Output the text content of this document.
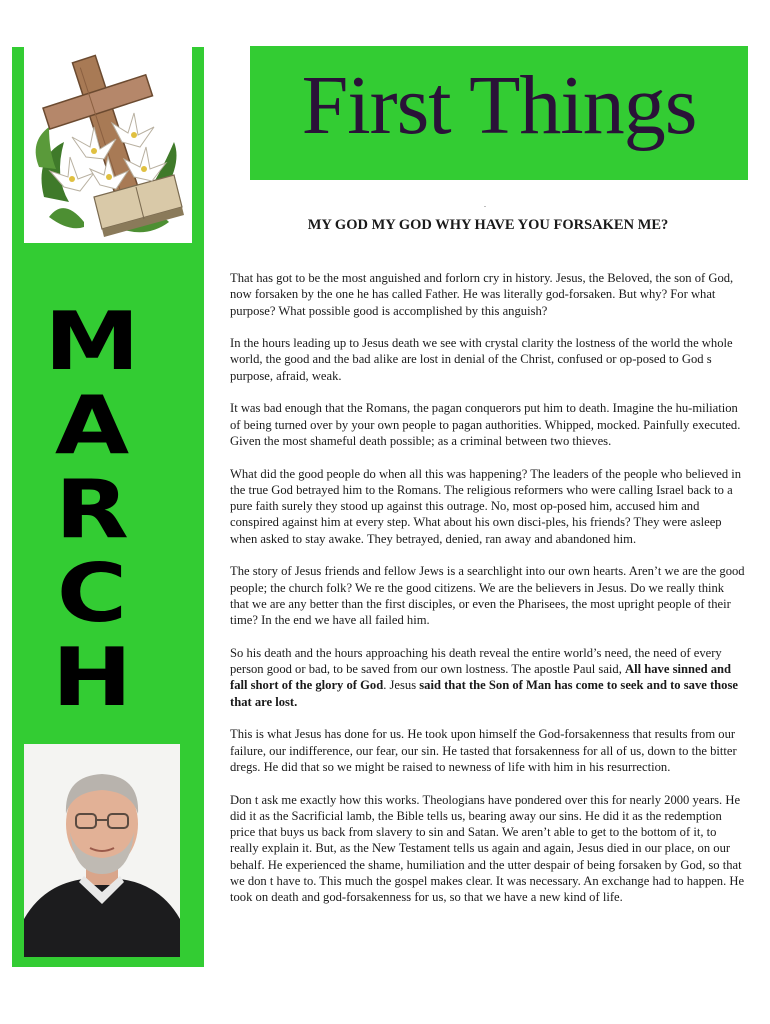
M
A
R
C
H
First Things
.
MY GOD MY GOD WHY HAVE YOU FORSAKEN ME?

That has got to be the most anguished and forlorn cry in history. Jesus, the Beloved, the son of God, now forsaken by the one he has called Father. He was literally god-forsaken. But why? For what purpose? What possible good is accomplished by this anguish?

In the hours leading up to Jesus death we see with crystal clarity the lostness of the world the whole world, the good and the bad alike are lost in denial of the Christ, confused or op-posed to God s purpose, afraid, weak.

It was bad enough that the Romans, the pagan conquerors put him to death. Imagine the hu-miliation of being turned over by your own people to pagan authorities. Whipped, mocked. Painfully executed. Given the most shameful death possible; as a criminal between two thieves.

What did the good people do when all this was happening? The leaders of the people who believed in the true God betrayed him to the Romans. The religious reformers who were calling Israel back to a pure faith surely they stood up against this outrage. No, most op-posed him, accused him and conspired against him at every step. What about his own disci-ples, his friends? They were asleep when asked to stay awake. They betrayed, denied, ran away and abandoned him.

The story of Jesus friends and fellow Jews is a searchlight into our own hearts. Aren’t we are the good people; the church folk? We re the good citizens. We are the believers in Jesus. Do we really think that we are any better than the first disciples, or even the Pharisees, the most upright people of their time? In the end we have all failed him.

So his death and the hours approaching his death reveal the entire world’s need, the need of every person good or bad, to be saved from our own lostness. The apostle Paul said, All have sinned and fall short of the glory of God. Jesus said that the Son of Man has come to seek and to save those that are lost.

This is what Jesus has done for us. He took upon himself the God-forsakenness that results from our failure, our indifference, our fear, our sin. He tasted that forsakenness for all of us, down to the bitter dregs. He did that so we might be raised to newness of life with him in his resurrection.

Don t ask me exactly how this works. Theologians have pondered over this for nearly 2000 years. He did it as the Sacrificial lamb, the Bible tells us, bearing away our sins. He did it as the redemption price that buys us back from slavery to sin and Satan. We aren’t able to get to the bottom of it, to really explain it. But, as the New Testament tells us again and again, Jesus died in our place, on our behalf. He experienced the shame, humiliation and the utter despair of being forsaken by God, so that we don t have to. This much the gospel makes clear. It was necessary. An exchange had to happen. He took on death and god-forsakenness for us, so that we have a new kind of life.
